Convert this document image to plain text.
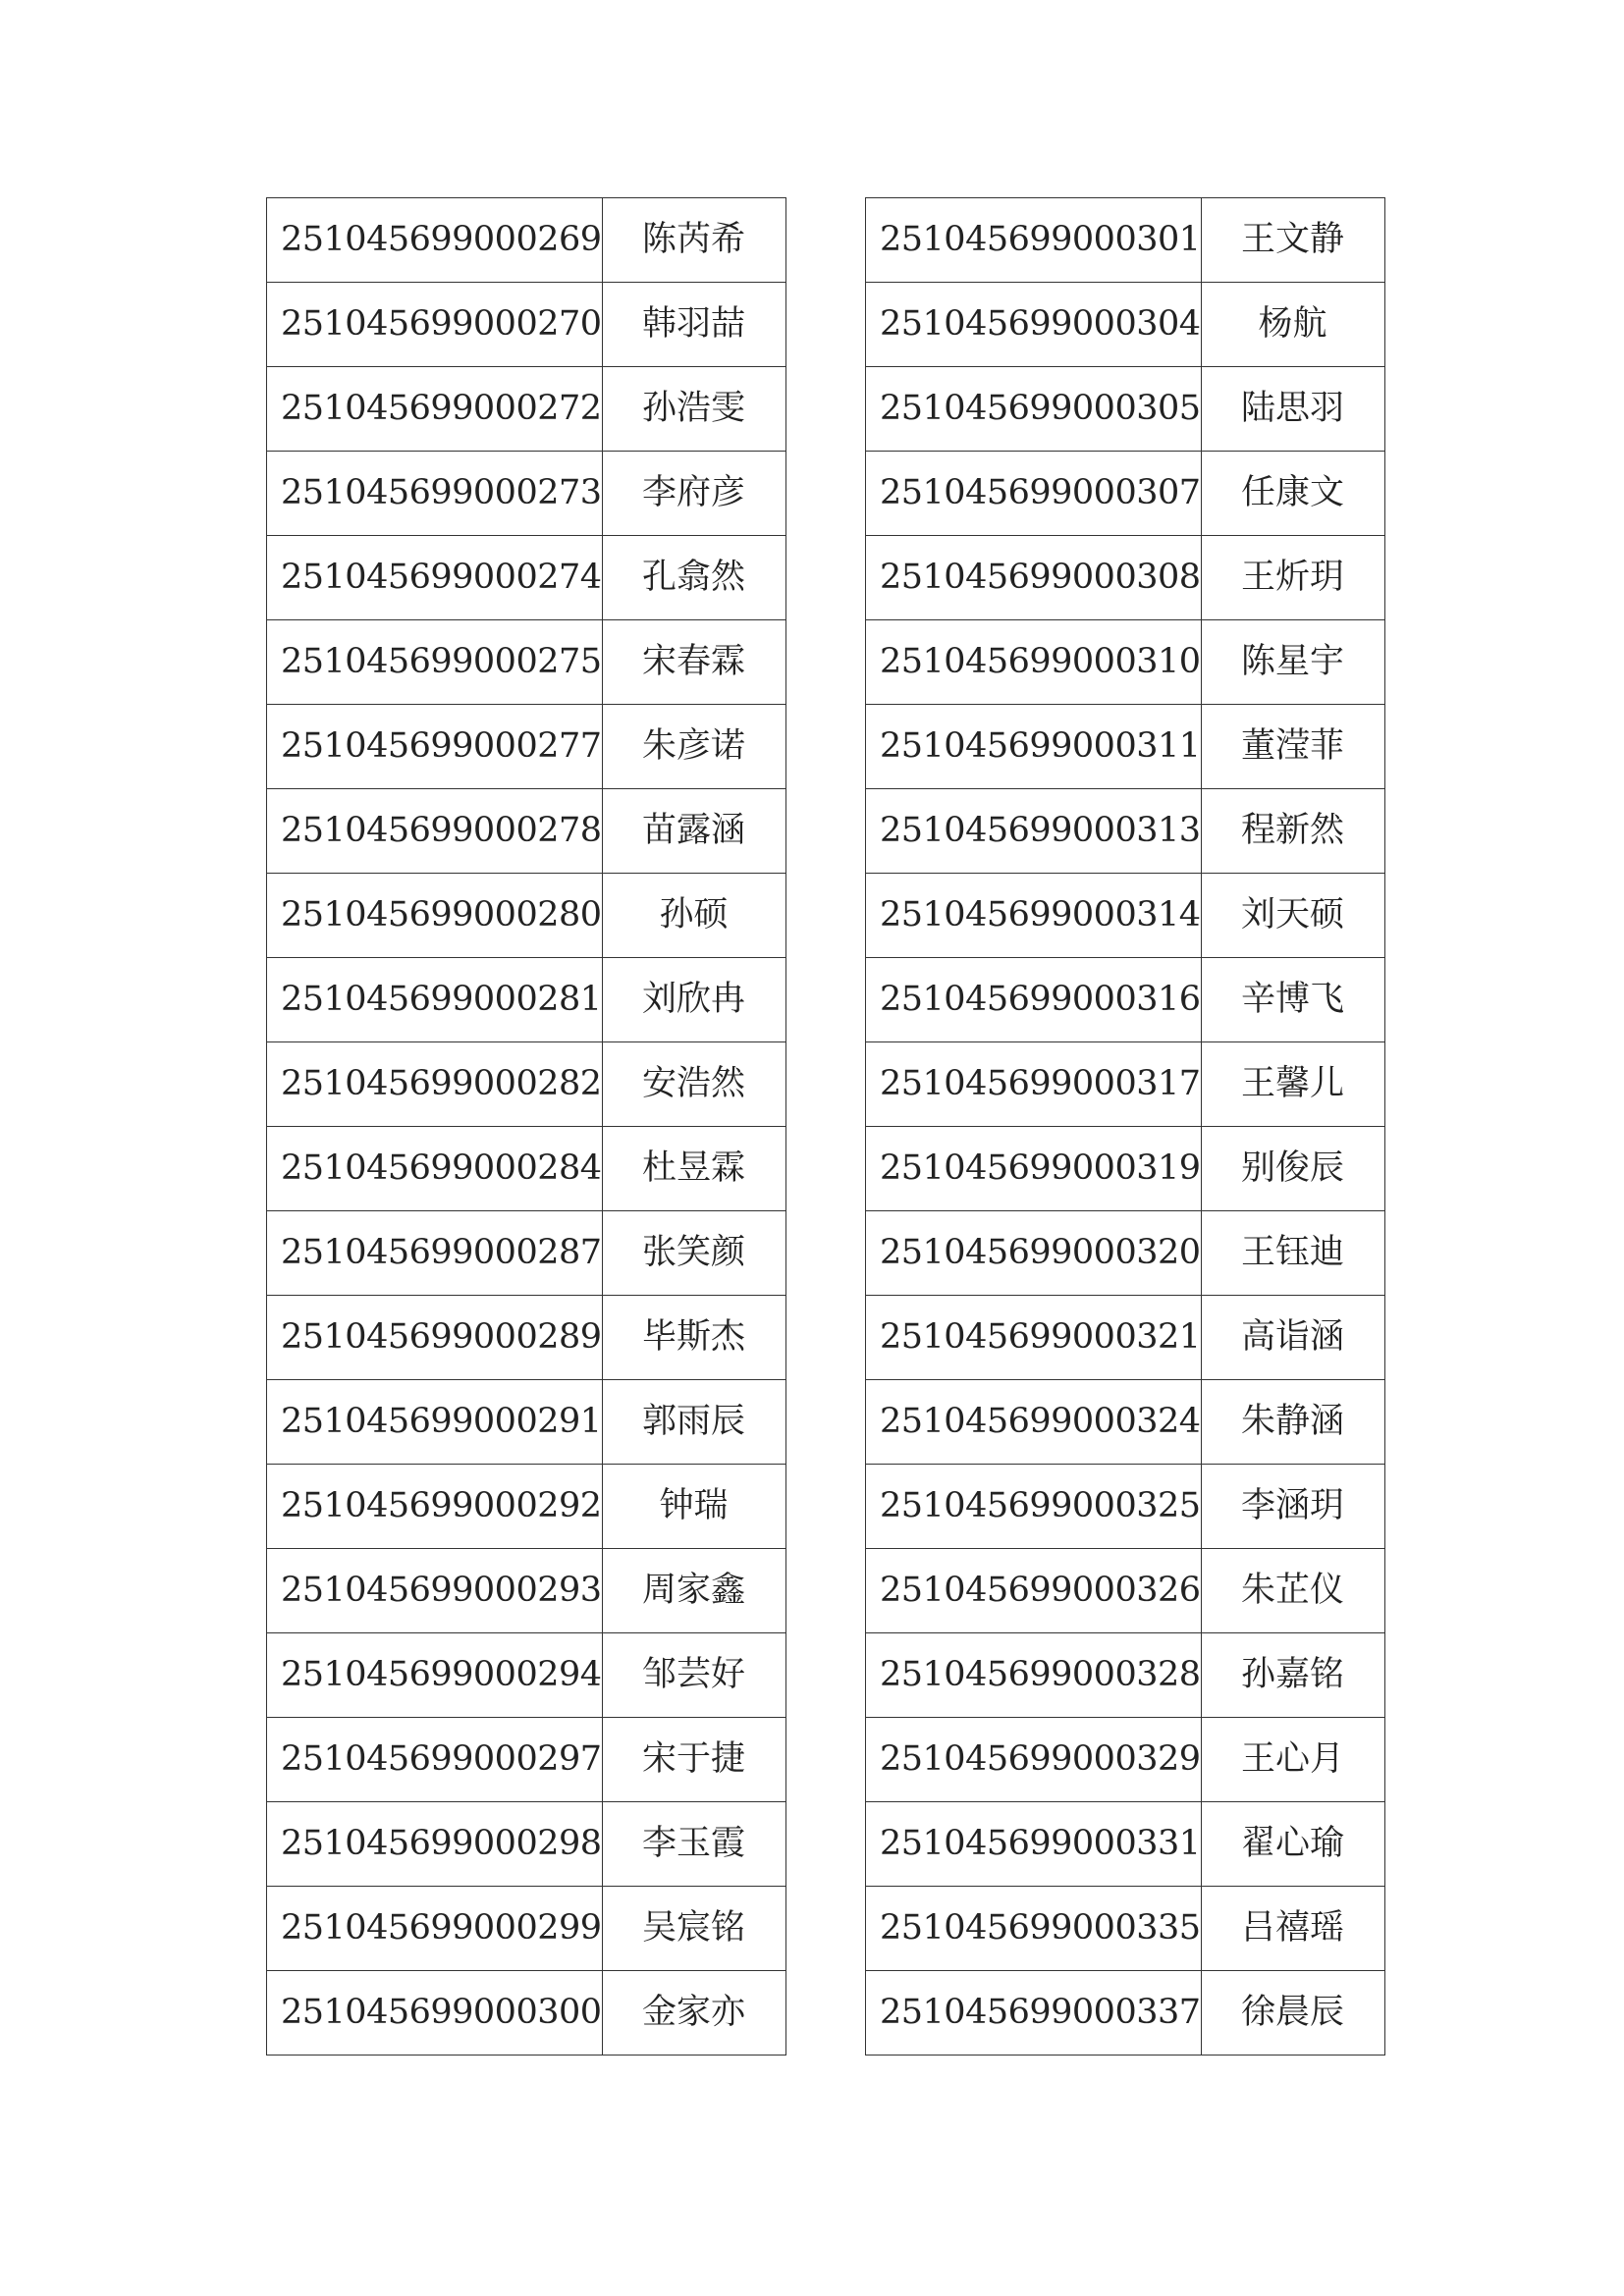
251045699000269	陈芮希
251045699000270	韩羽喆
251045699000272	孙浩雯
251045699000273	李府彦
251045699000274	孔翕然
251045699000275	宋春霖
251045699000277	朱彦诺
251045699000278	苗露涵
251045699000280	孙硕
251045699000281	刘欣冉
251045699000282	安浩然
251045699000284	杜昱霖
251045699000287	张笑颜
251045699000289	毕斯杰
251045699000291	郭雨辰
251045699000292	钟瑞
251045699000293	周家鑫
251045699000294	邹芸好
251045699000297	宋于捷
251045699000298	李玉霞
251045699000299	吴宸铭
251045699000300	金家亦
251045699000301	王文静
251045699000304	杨航
251045699000305	陆思羽
251045699000307	任康文
251045699000308	王炘玥
251045699000310	陈星宇
251045699000311	董滢菲
251045699000313	程新然
251045699000314	刘天硕
251045699000316	辛博飞
251045699000317	王馨儿
251045699000319	别俊辰
251045699000320	王钰迪
251045699000321	高诣涵
251045699000324	朱静涵
251045699000325	李涵玥
251045699000326	朱芷仪
251045699000328	孙嘉铭
251045699000329	王心月
251045699000331	翟心瑜
251045699000335	吕禧瑶
251045699000337	徐晨辰
